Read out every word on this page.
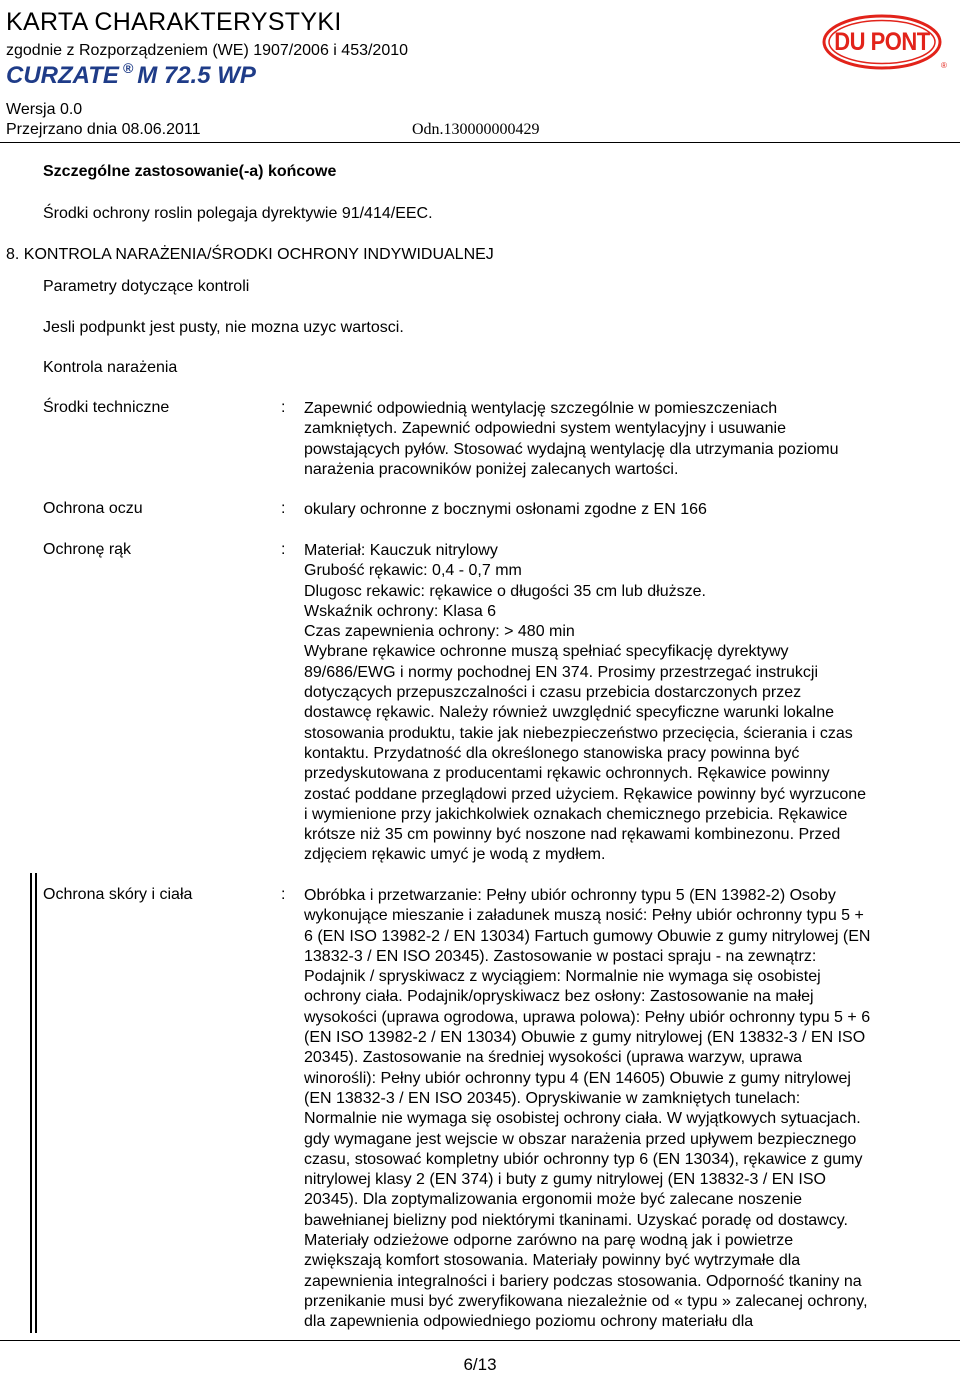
KARTA CHARAKTERYSTYKI
zgodnie z Rozporządzeniem (WE) 1907/2006 i 453/2010
CURZATE ® M 72.5 WP
Wersja 0.0
Przejrzano dnia 08.06.2011	Odn.130000000429
DU PONT
®
Szczególne zastosowanie(-a) końcowe
Środki ochrony roslin polegaja dyrektywie 91/414/EEC.
8. KONTROLA NARAŻENIA/ŚRODKI OCHRONY INDYWIDUALNEJ
Parametry dotyczące kontroli
Jesli podpunkt jest pusty, nie mozna uzyc wartosci.
Kontrola narażenia
Środki techniczne	: Zapewnić odpowiednią wentylację szczególnie w pomieszczeniach
zamkniętych. Zapewnić odpowiedni system wentylacyjny i usuwanie
powstających pyłów. Stosować wydajną wentylację dla utrzymania poziomu
narażenia pracowników poniżej zalecanych wartości.
Ochrona oczu	: okulary ochronne z bocznymi osłonami zgodne z EN 166
Ochronę rąk	: Materiał: Kauczuk nitrylowy
Grubość rękawic: 0,4 - 0,7 mm
Dlugosc rekawic: rękawice o długości 35 cm lub dłuższe.
Wskaźnik ochrony: Klasa 6
Czas zapewnienia ochrony: > 480 min
Wybrane rękawice ochronne muszą spełniać specyfikację dyrektywy
89/686/EWG i normy pochodnej EN 374. Prosimy przestrzegać instrukcji
dotyczących przepuszczalności i czasu przebicia dostarczonych przez
dostawcę rękawic. Należy również uwzględnić specyficzne warunki lokalne
stosowania produktu, takie jak niebezpieczeństwo przecięcia, ścierania i czas
kontaktu. Przydatność dla określonego stanowiska pracy powinna być
przedyskutowana z producentami rękawic ochronnych. Rękawice powinny
zostać poddane przeglądowi przed użyciem. Rękawice powinny być wyrzucone
i wymienione przy jakichkolwiek oznakach chemicznego przebicia. Rękawice
krótsze niż 35 cm powinny być noszone nad rękawami kombinezonu. Przed
zdjęciem rękawic umyć je wodą z mydłem.
Ochrona skóry i ciała	: Obróbka i przetwarzanie: Pełny ubiór ochronny typu 5 (EN 13982-2) Osoby
wykonujące mieszanie i załadunek muszą nosić: Pełny ubiór ochronny typu 5 +
6 (EN ISO 13982-2 / EN 13034) Fartuch gumowy Obuwie z gumy nitrylowej (EN
13832-3 / EN ISO 20345). Zastosowanie w postaci spraju - na zewnątrz:
Podajnik / spryskiwacz z wyciągiem: Normalnie nie wymaga się osobistej
ochrony ciała. Podajnik/opryskiwacz bez osłony: Zastosowanie na małej
wysokości (uprawa ogrodowa, uprawa polowa): Pełny ubiór ochronny typu 5 + 6
(EN ISO 13982-2 / EN 13034) Obuwie z gumy nitrylowej (EN 13832-3 / EN ISO
20345). Zastosowanie na średniej wysokości (uprawa warzyw, uprawa
winorośli): Pełny ubiór ochronny typu 4 (EN 14605) Obuwie z gumy nitrylowej
(EN 13832-3 / EN ISO 20345). Opryskiwanie w zamkniętych tunelach:
Normalnie nie wymaga się osobistej ochrony ciała. W wyjątkowych sytuacjach.
gdy wymagane jest wejscie w obszar narażenia przed upływem bezpiecznego
czasu, stosować kompletny ubiór ochronny typ 6 (EN 13034), rękawice z gumy
nitrylowej klasy 2 (EN 374) i buty z gumy nitrylowej (EN 13832-3 / EN ISO
20345). Dla zoptymalizowania ergonomii może być zalecane noszenie
bawełnianej bielizny pod niektórymi tkaninami. Uzyskać poradę od dostawcy.
Materiały odzieżowe odporne zarówno na parę wodną jak i powietrze
zwiększają komfort stosowania. Materiały powinny być wytrzymałe dla
zapewnienia integralności i bariery podczas stosowania. Odporność tkaniny na
przenikanie musi być zweryfikowana niezależnie od « typu » zalecanej ochrony,
dla zapewnienia odpowiedniego poziomu ochrony materiału dla
6/13
